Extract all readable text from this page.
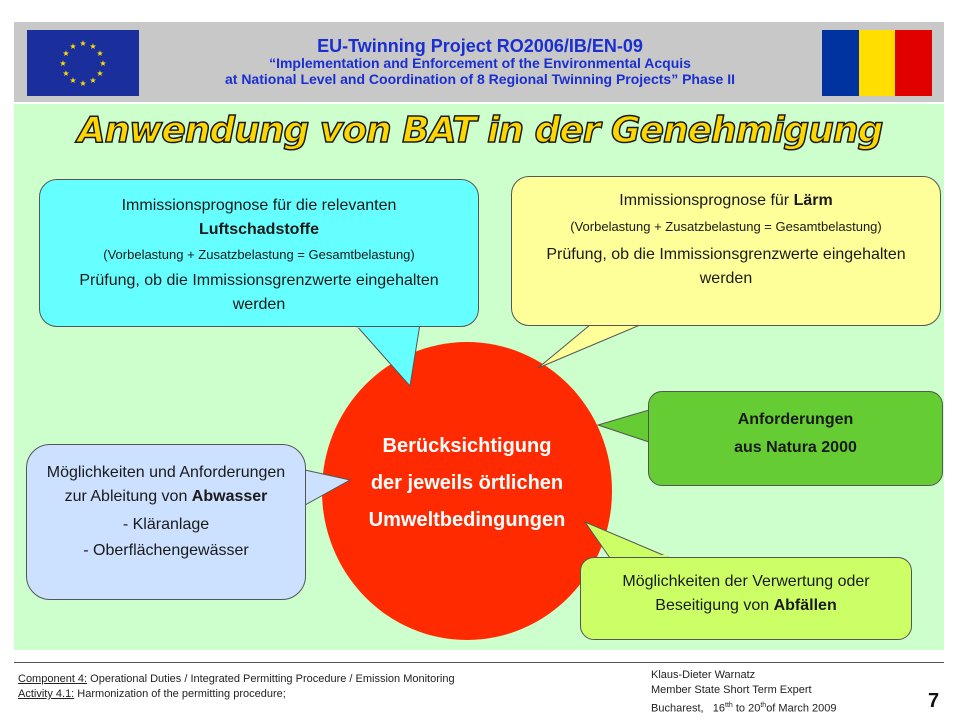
★ ★
★
★
★
★
★
★
★
★
★
★	EU-Twinning Project RO2006/IB/EN-09
“Implementation and Enforcement of the Environmental Acquis
at National Level and Coordination of 8 Regional Twinning Projects” Phase II
Anwendung von BAT in der Genehmigung
Berücksichtigung
der jeweils örtlichen
Umweltbedingungen

Immissionsprognose für die relevanten

Luftschadstoffe

(Vorbelastung + Zusatzbelastung = Gesamtbelastung)

Prüfung, ob die Immissionsgrenzwerte eingehalten werden

Immissionsprognose für Lärm

(Vorbelastung + Zusatzbelastung = Gesamtbelastung)

Prüfung, ob die Immissionsgrenzwerte eingehalten werden

Anforderungen

aus Natura 2000

Möglichkeiten und Anforderungen zur Ableitung von Abwasser

- Kläranlage

- Oberflächengewässer

Möglichkeiten der Verwertung oder Beseitigung von Abfällen

Component 4: Operational Duties / Integrated Permitting Procedure / Emission Monitoring
Activity 4.1: Harmonization of the permitting procedure;
Klaus-Dieter Warnatz
Member State Short Term Expert
Bucharest, $16^{tth}$ to 20thof March 2009	7
